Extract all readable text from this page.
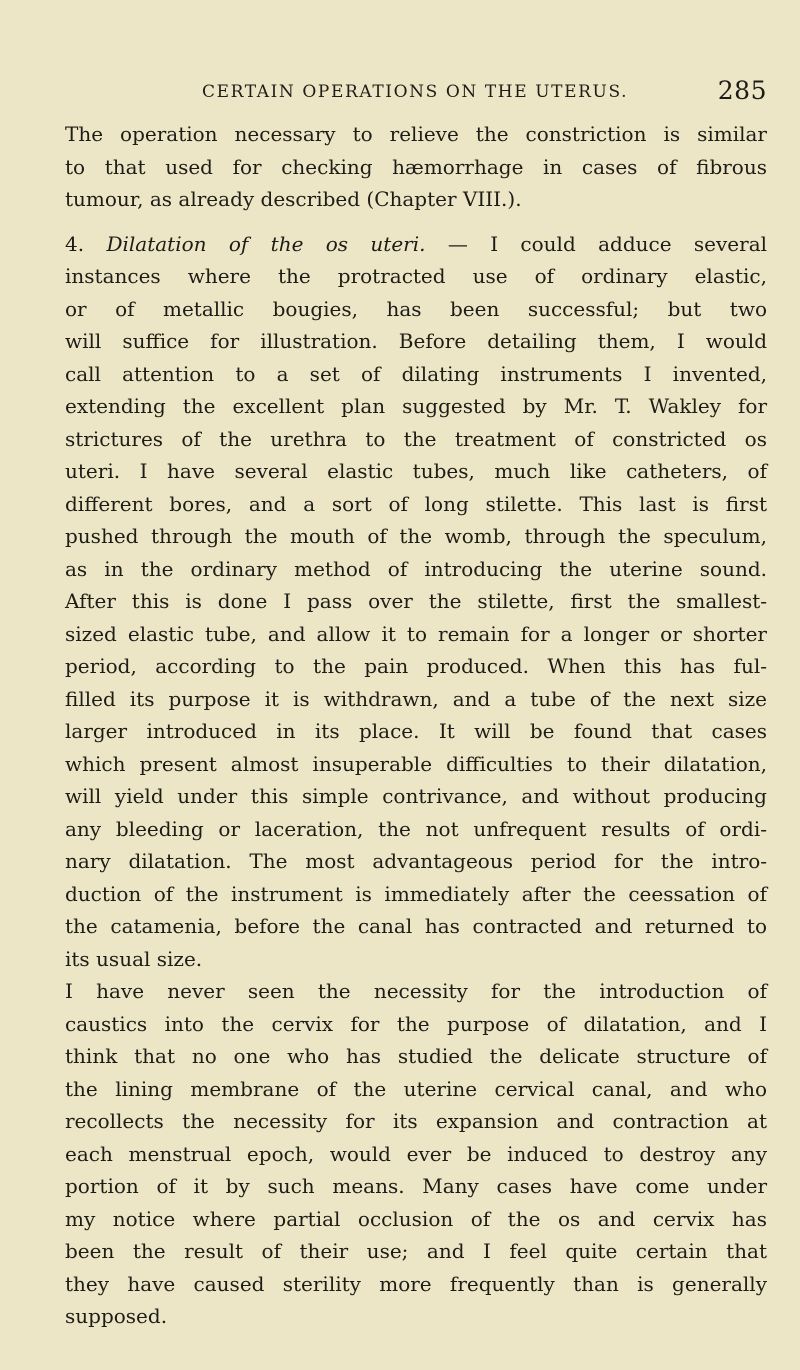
CERTAIN OPERATIONS ON THE UTERUS.	285
The operation necessary to relieve the constriction is similar
to that used for checking hæmorrhage in cases of fibrous
tumour, as already described (Chapter VIII.).
4. Dilatation of the os uteri. — I could adduce several
instances where the protracted use of ordinary elastic,
or of metallic bougies, has been successful; but two
will suffice for illustration. Before detailing them, I would
call attention to a set of dilating instruments I invented,
extending the excellent plan suggested by Mr. T. Wakley for
strictures of the urethra to the treatment of constricted os
uteri. I have several elastic tubes, much like catheters, of
different bores, and a sort of long stilette. This last is first
pushed through the mouth of the womb, through the speculum,
as in the ordinary method of introducing the uterine sound.
After this is done I pass over the stilette, first the smallest-
sized elastic tube, and allow it to remain for a longer or shorter
period, according to the pain produced. When this has ful-
filled its purpose it is withdrawn, and a tube of the next size
larger introduced in its place. It will be found that cases
which present almost insuperable difficulties to their dilatation,
will yield under this simple contrivance, and without producing
any bleeding or laceration, the not unfrequent results of ordi-
nary dilatation. The most advantageous period for the intro-
duction of the instrument is immediately after the ceessation of
the catamenia, before the canal has contracted and returned to
its usual size.
I have never seen the necessity for the introduction of
caustics into the cervix for the purpose of dilatation, and I
think that no one who has studied the delicate structure of
the lining membrane of the uterine cervical canal, and who
recollects the necessity for its expansion and contraction at
each menstrual epoch, would ever be induced to destroy any
portion of it by such means. Many cases have come under
my notice where partial occlusion of the os and cervix has
been the result of their use; and I feel quite certain that
they have caused sterility more frequently than is generally
supposed.
